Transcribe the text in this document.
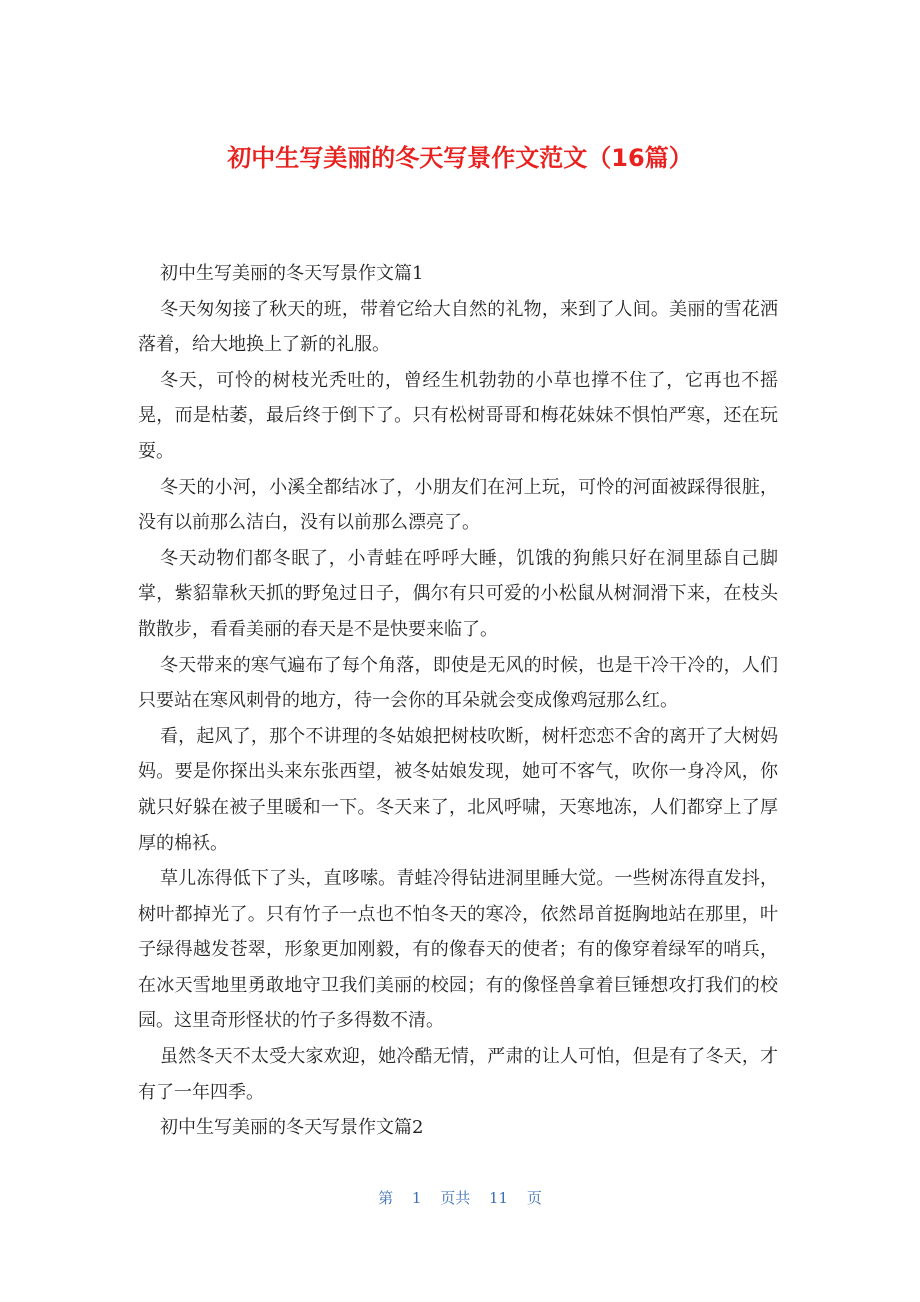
初中生写美丽的冬天写景作文范文（16篇）

初中生写美丽的冬天写景作文篇1

冬天匆匆接了秋天的班，带着它给大自然的礼物，来到了人间。美丽的雪花洒落着，给大地换上了新的礼服。

冬天，可怜的树枝光秃吐的，曾经生机勃勃的小草也撑不住了，它再也不摇晃，而是枯萎，最后终于倒下了。只有松树哥哥和梅花妹妹不惧怕严寒，还在玩耍。

冬天的小河，小溪全都结冰了，小朋友们在河上玩，可怜的河面被踩得很脏，没有以前那么洁白，没有以前那么漂亮了。

冬天动物们都冬眠了，小青蛙在呼呼大睡，饥饿的狗熊只好在洞里舔自己脚掌，紫貂靠秋天抓的野兔过日子，偶尔有只可爱的小松鼠从树洞滑下来，在枝头散散步，看看美丽的春天是不是快要来临了。

冬天带来的寒气遍布了每个角落，即使是无风的时候，也是干冷干冷的，人们只要站在寒风刺骨的地方，待一会你的耳朵就会变成像鸡冠那么红。

看，起风了，那个不讲理的冬姑娘把树枝吹断，树杆恋恋不舍的离开了大树妈妈。要是你探出头来东张西望，被冬姑娘发现，她可不客气，吹你一身冷风，你就只好躲在被子里暖和一下。冬天来了，北风呼啸，天寒地冻，人们都穿上了厚厚的棉袄。

草儿冻得低下了头，直哆嗦。青蛙冷得钻进洞里睡大觉。一些树冻得直发抖，树叶都掉光了。只有竹子一点也不怕冬天的寒冷，依然昂首挺胸地站在那里，叶子绿得越发苍翠，形象更加刚毅，有的像春天的使者；有的像穿着绿军的哨兵，在冰天雪地里勇敢地守卫我们美丽的校园；有的像怪兽拿着巨锤想攻打我们的校园。这里奇形怪状的竹子多得数不清。

虽然冬天不太受大家欢迎，她冷酷无情，严肃的让人可怕，但是有了冬天，才有了一年四季。

初中生写美丽的冬天写景作文篇2

第 1 页共 11 页
